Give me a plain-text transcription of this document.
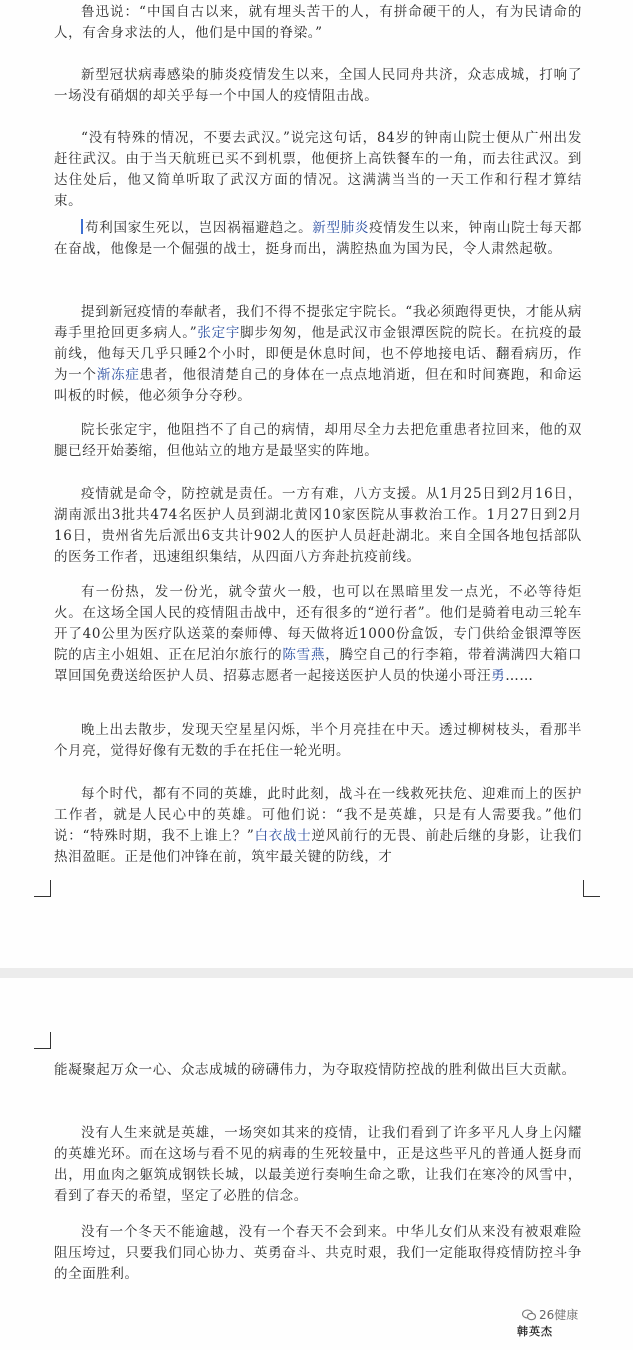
鲁迅说：“中国自古以来，就有埋头苦干的人，有拼命硬干的人，有为民请命的人，有舍身求法的人，他们是中国的脊梁。”

新型冠状病毒感染的肺炎疫情发生以来，全国人民同舟共济，众志成城，打响了一场没有硝烟的却关乎每一个中国人的疫情阻击战。

“没有特殊的情况，不要去武汉。”说完这句话，84岁的钟南山院士便从广州出发赶往武汉。由于当天航班已买不到机票，他便挤上高铁餐车的一角，而去往武汉。到达住处后，他又简单听取了武汉方面的情况。这满满当当的一天工作和行程才算结束。

苟利国家生死以，岂因祸福避趋之。新型肺炎疫情发生以来，钟南山院士每天都在奋战，他像是一个倔强的战士，挺身而出，满腔热血为国为民，令人肃然起敬。

提到新冠疫情的奉献者，我们不得不提张定宇院长。“我必须跑得更快，才能从病毒手里抢回更多病人。”张定宇脚步匆匆，他是武汉市金银潭医院的院长。在抗疫的最前线，他每天几乎只睡2个小时，即便是休息时间，也不停地接电话、翻看病历，作为一个渐冻症患者，他很清楚自己的身体在一点点地消逝，但在和时间赛跑，和命运叫板的时候，他必须争分夺秒。

院长张定宇，他阻挡不了自己的病情，却用尽全力去把危重患者拉回来，他的双腿已经开始萎缩，但他站立的地方是最坚实的阵地。

疫情就是命令，防控就是责任。一方有难，八方支援。从1月25日到2月16日，湖南派出3批共474名医护人员到湖北黄冈10家医院从事救治工作。1月27日到2月16日，贵州省先后派出6支共计902人的医护人员赶赴湖北。来自全国各地包括部队的医务工作者，迅速组织集结，从四面八方奔赴抗疫前线。

有一份热，发一份光，就令萤火一般，也可以在黑暗里发一点光，不必等待炬火。在这场全国人民的疫情阻击战中，还有很多的“逆行者”。他们是骑着电动三轮车开了40公里为医疗队送菜的秦师傅、每天做将近1000份盒饭，专门供给金银潭等医院的店主小姐姐、正在尼泊尔旅行的陈雪燕，腾空自己的行李箱，带着满满四大箱口罩回国免费送给医护人员、招募志愿者一起接送医护人员的快递小哥汪勇……

晚上出去散步，发现天空星星闪烁，半个月亮挂在中天。透过柳树枝头，看那半个月亮，觉得好像有无数的手在托住一轮光明。

每个时代，都有不同的英雄，此时此刻，战斗在一线救死扶危、迎难而上的医护工作者，就是人民心中的英雄。可他们说：“我不是英雄，只是有人需要我。”他们说：“特殊时期，我不上谁上？”白衣战士逆风前行的无畏、前赴后继的身影，让我们热泪盈眶。正是他们冲锋在前，筑牢最关键的防线，才

能凝聚起万众一心、众志成城的磅礴伟力，为夺取疫情防控战的胜利做出巨大贡献。

没有人生来就是英雄，一场突如其来的疫情，让我们看到了许多平凡人身上闪耀的英雄光环。而在这场与看不见的病毒的生死较量中，正是这些平凡的普通人挺身而出，用血肉之躯筑成钢铁长城，以最美逆行奏响生命之歌，让我们在寒冷的风雪中，看到了春天的希望，坚定了必胜的信念。

没有一个冬天不能逾越，没有一个春天不会到来。中华儿女们从来没有被艰难险阻压垮过，只要我们同心协力、英勇奋斗、共克时艰，我们一定能取得疫情防控斗争的全面胜利。

26健康
韩英杰
